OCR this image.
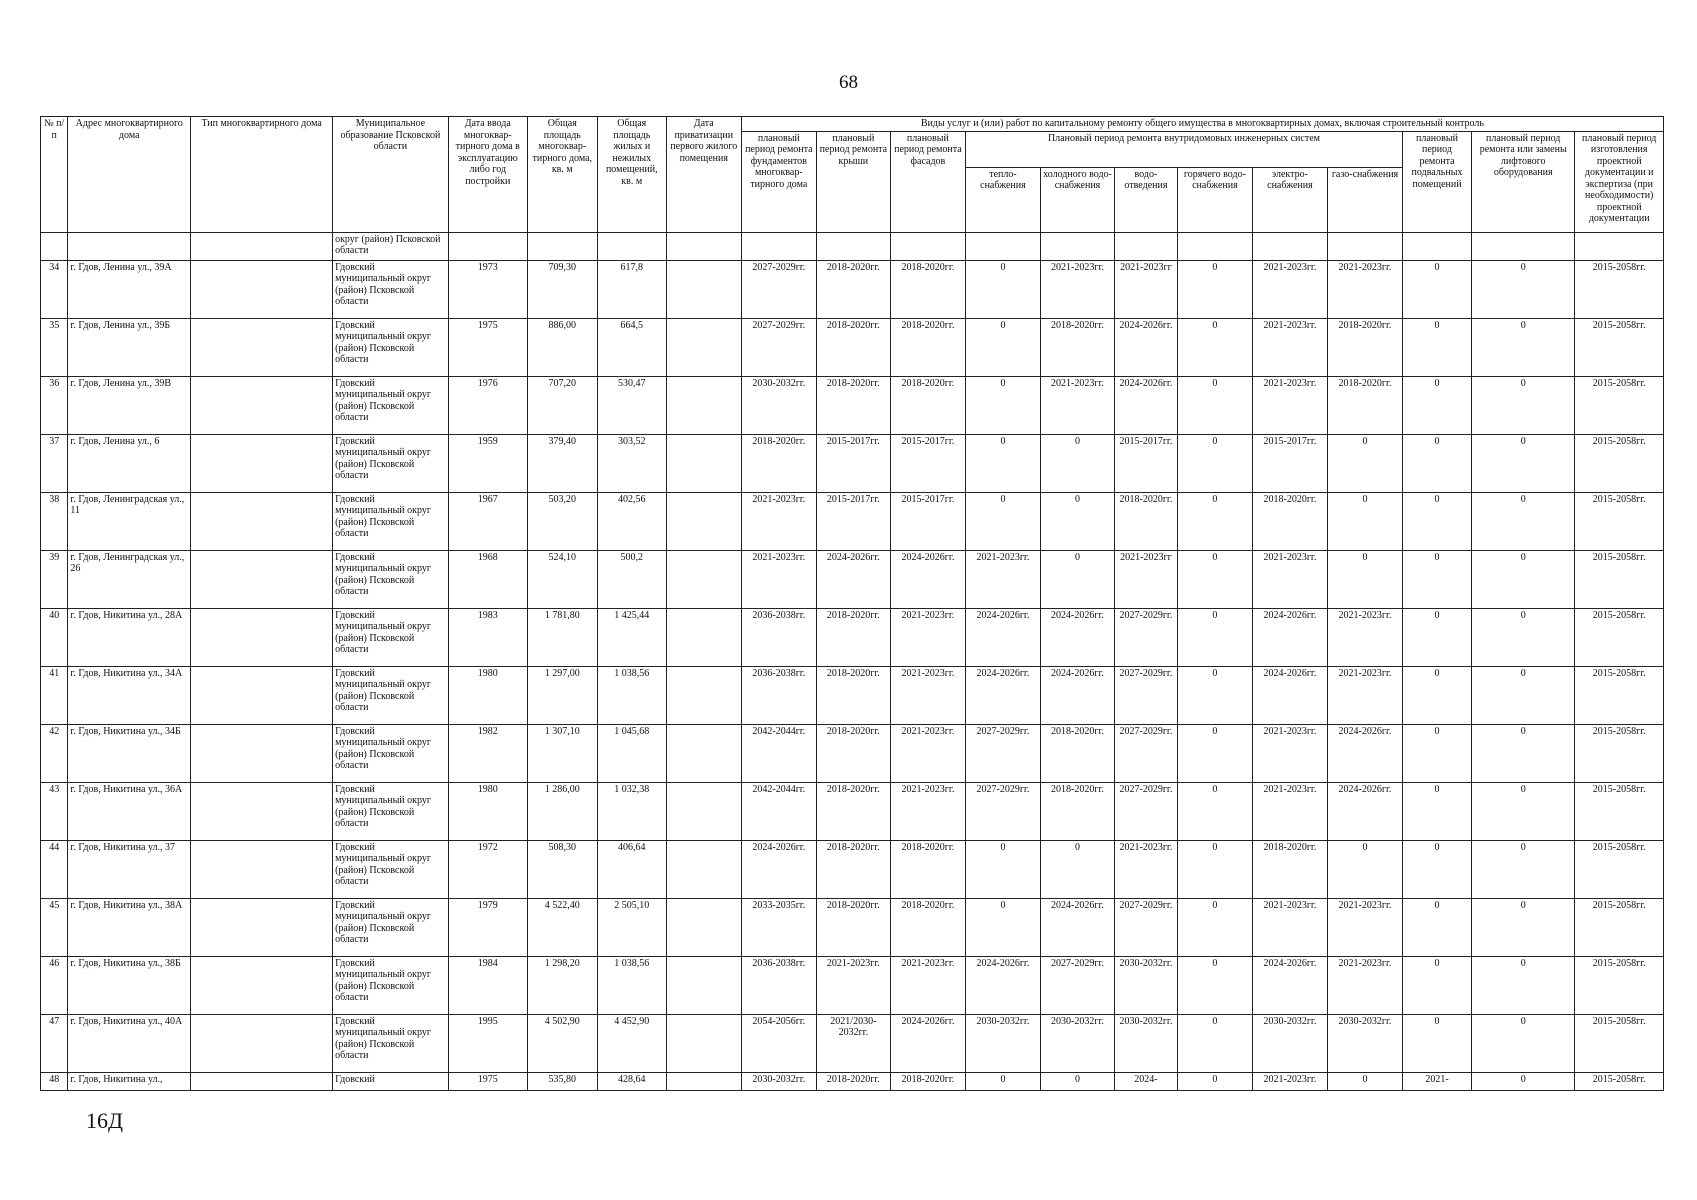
68
№ п/п	Адрес многоквартирного дома	Тип многоквартирного дома	Муниципальное образование Псковской области	Дата ввода многоквар-тирного дома в эксплуатацию либо год постройки	Общая площадь многоквар-тирного дома, кв. м	Общая площадь жилых и нежилых помещений, кв. м	Дата приватизации первого жилого помещения	Виды услуг и (или) работ по капитальному ремонту общего имущества в многоквартирных домах, включая строительный контроль											
								плановый период ремонта фундаментов многоквар-тирного дома	плановый период ремонта крыши	плановый период ремонта фасадов	Плановый период ремонта внутридомовых инженерных систем						плановый период ремонта подвальных помещений	плановый период ремонта или замены лифтового оборудования	плановый период изготовления проектной документации и экспертиза (при необходимости) проектной документации
											тепло-снабжения	холодного водо-снабжения	водо-отведения	горячего водо-снабжения	электро-снабжения	газо-снабжения			
			округ (район) Псковской области																
34	г. Гдов, Ленина ул., 39А		Гдовский муниципальный округ (район) Псковской области	1973	709,30	617,8		2027-2029гг.	2018-2020гг.	2018-2020гг.	0	2021-2023гг.	2021-2023гг	0	2021-2023гг.	2021-2023гг.	0	0	2015-2058гг.
35	г. Гдов, Ленина ул., 39Б		Гдовский муниципальный округ (район) Псковской области	1975	886,00	664,5		2027-2029гг.	2018-2020гг.	2018-2020гг.	0	2018-2020гг.	2024-2026гг.	0	2021-2023гг.	2018-2020гг.	0	0	2015-2058гг.
36	г. Гдов, Ленина ул., 39В		Гдовский муниципальный округ (район) Псковской области	1976	707,20	530,47		2030-2032гг.	2018-2020гг.	2018-2020гг.	0	2021-2023гг.	2024-2026гг.	0	2021-2023гг.	2018-2020гг.	0	0	2015-2058гг.
37	г. Гдов, Ленина ул., 6		Гдовский муниципальный округ (район) Псковской области	1959	379,40	303,52		2018-2020гг.	2015-2017гг.	2015-2017гг.	0	0	2015-2017гг.	0	2015-2017гг.	0	0	0	2015-2058гг.
38	г. Гдов, Ленинградская ул., 11		Гдовский муниципальный округ (район) Псковской области	1967	503,20	402,56		2021-2023гг.	2015-2017гг.	2015-2017гг.	0	0	2018-2020гг.	0	2018-2020гг.	0	0	0	2015-2058гг.
39	г. Гдов, Ленинградская ул., 26		Гдовский муниципальный округ (район) Псковской области	1968	524,10	500,2		2021-2023гг.	2024-2026гг.	2024-2026гг.	2021-2023гг.	0	2021-2023гг	0	2021-2023гг.	0	0	0	2015-2058гг.
40	г. Гдов, Никитина ул., 28А		Гдовский муниципальный округ (район) Псковской области	1983	1 781,80	1 425,44		2036-2038гг.	2018-2020гг.	2021-2023гг.	2024-2026гг.	2024-2026гг.	2027-2029гг.	0	2024-2026гг.	2021-2023гг.	0	0	2015-2058гг.
41	г. Гдов, Никитина ул., 34А		Гдовский муниципальный округ (район) Псковской области	1980	1 297,00	1 038,56		2036-2038гг.	2018-2020гг.	2021-2023гг.	2024-2026гг.	2024-2026гг.	2027-2029гг.	0	2024-2026гг.	2021-2023гг.	0	0	2015-2058гг.
42	г. Гдов, Никитина ул., 34Б		Гдовский муниципальный округ (район) Псковской области	1982	1 307,10	1 045,68		2042-2044гг.	2018-2020гг.	2021-2023гг.	2027-2029гг.	2018-2020гг.	2027-2029гг.	0	2021-2023гг.	2024-2026гг.	0	0	2015-2058гг.
43	г. Гдов, Никитина ул., 36А		Гдовский муниципальный округ (район) Псковской области	1980	1 286,00	1 032,38		2042-2044гг.	2018-2020гг.	2021-2023гг.	2027-2029гг.	2018-2020гг.	2027-2029гг.	0	2021-2023гг.	2024-2026гг.	0	0	2015-2058гг.
44	г. Гдов, Никитина ул., 37		Гдовский муниципальный округ (район) Псковской области	1972	508,30	406,64		2024-2026гг.	2018-2020гг.	2018-2020гг.	0	0	2021-2023гг.	0	2018-2020гг.	0	0	0	2015-2058гг.
45	г. Гдов, Никитина ул., 38А		Гдовский муниципальный округ (район) Псковской области	1979	4 522,40	2 505,10		2033-2035гг.	2018-2020гг.	2018-2020гг.	0	2024-2026гг.	2027-2029гг.	0	2021-2023гг.	2021-2023гг.	0	0	2015-2058гг.
46	г. Гдов, Никитина ул., 38Б		Гдовский муниципальный округ (район) Псковской области	1984	1 298,20	1 038,56		2036-2038гг.	2021-2023гг.	2021-2023гг.	2024-2026гг.	2027-2029гг.	2030-2032гг.	0	2024-2026гг.	2021-2023гг.	0	0	2015-2058гг.
47	г. Гдов, Никитина ул., 40А		Гдовский муниципальный округ (район) Псковской области	1995	4 502,90	4 452,90		2054-2056гг.	2021/2030-2032гг.	2024-2026гг.	2030-2032гг.	2030-2032гг.	2030-2032гг.	0	2030-2032гг.	2030-2032гг.	0	0	2015-2058гг.
48	г. Гдов, Никитина ул.,		Гдовский	1975	535,80	428,64		2030-2032гг.	2018-2020гг.	2018-2020гг.	0	0	2024-	0	2021-2023гг.	0	2021-	0	2015-2058гг.
16Д
